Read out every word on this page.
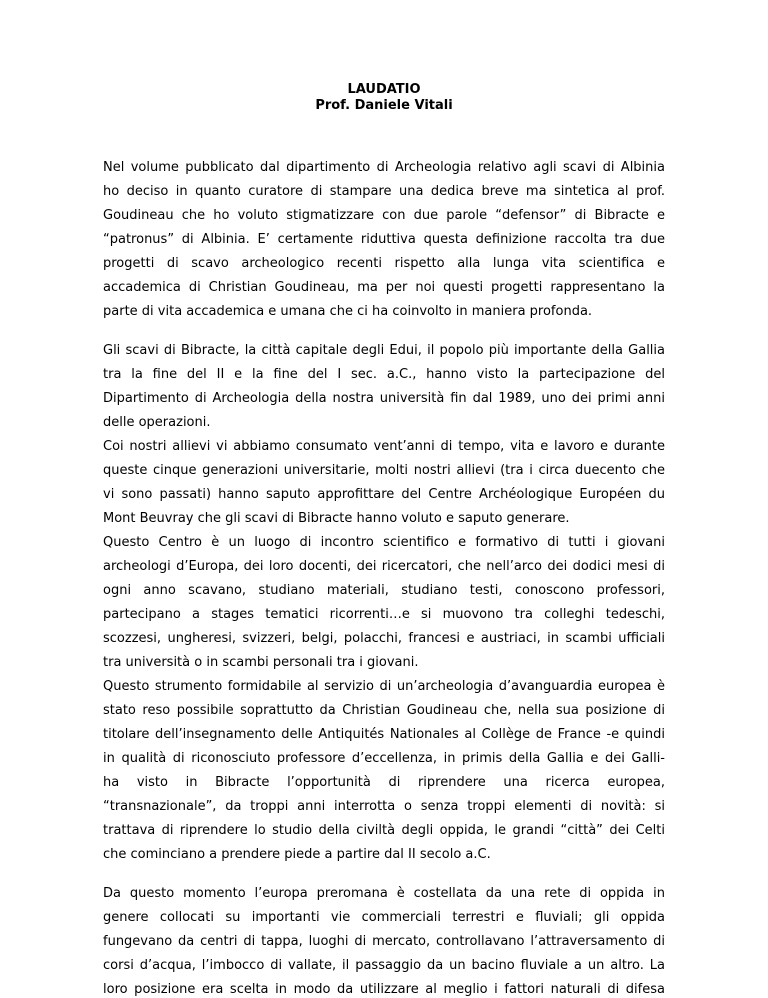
LAUDATIO
Prof. Daniele Vitali
Nel volume pubblicato dal dipartimento di Archeologia relativo agli scavi di Albinia
ho deciso in quanto curatore di stampare una dedica breve ma sintetica al prof.
Goudineau che ho voluto stigmatizzare con due parole “defensor” di Bibracte e
“patronus” di Albinia. E’ certamente riduttiva questa definizione raccolta tra due
progetti di scavo archeologico recenti rispetto alla lunga vita scientifica e
accademica di Christian Goudineau, ma per noi questi progetti rappresentano la
parte di vita accademica e umana che ci ha coinvolto in maniera profonda.
Gli scavi di Bibracte, la città capitale degli Edui, il popolo più importante della Gallia
tra la fine del II e la fine del I sec. a.C., hanno visto la partecipazione del
Dipartimento di Archeologia della nostra università fin dal 1989, uno dei primi anni
delle operazioni.
Coi nostri allievi vi abbiamo consumato vent’anni di tempo, vita e lavoro e durante
queste cinque generazioni universitarie, molti nostri allievi (tra i circa duecento che
vi sono passati) hanno saputo approfittare del Centre Archéologique Européen du
Mont Beuvray che gli scavi di Bibracte hanno voluto e saputo generare.
Questo Centro è un luogo di incontro scientifico e formativo di tutti i giovani
archeologi d’Europa, dei loro docenti, dei ricercatori, che nell’arco dei dodici mesi di
ogni anno scavano, studiano materiali, studiano testi, conoscono professori,
partecipano a stages tematici ricorrenti…e si muovono tra colleghi tedeschi,
scozzesi, ungheresi, svizzeri, belgi, polacchi, francesi e austriaci, in scambi ufficiali
tra università o in scambi personali tra i giovani.
Questo strumento formidabile al servizio di un’archeologia d’avanguardia europea è
stato reso possibile soprattutto da Christian Goudineau che, nella sua posizione di
titolare dell’insegnamento delle Antiquités Nationales al Collège de France -e quindi
in qualità di riconosciuto professore d’eccellenza, in primis della Gallia e dei Galli-
ha visto in Bibracte l’opportunità di riprendere una ricerca europea,
“transnazionale”, da troppi anni interrotta o senza troppi elementi di novità: si
trattava di riprendere lo studio della civiltà degli oppida, le grandi “città” dei Celti
che cominciano a prendere piede a partire dal II secolo a.C.
Da questo momento l’europa preromana è costellata da una rete di oppida in
genere collocati su importanti vie commerciali terrestri e fluviali; gli oppida
fungevano da centri di tappa, luoghi di mercato, controllavano l’attraversamento di
corsi d’acqua, l’imbocco di vallate, il passaggio da un bacino fluviale a un altro. La
loro posizione era scelta in modo da utilizzare al meglio i fattori naturali di difesa
